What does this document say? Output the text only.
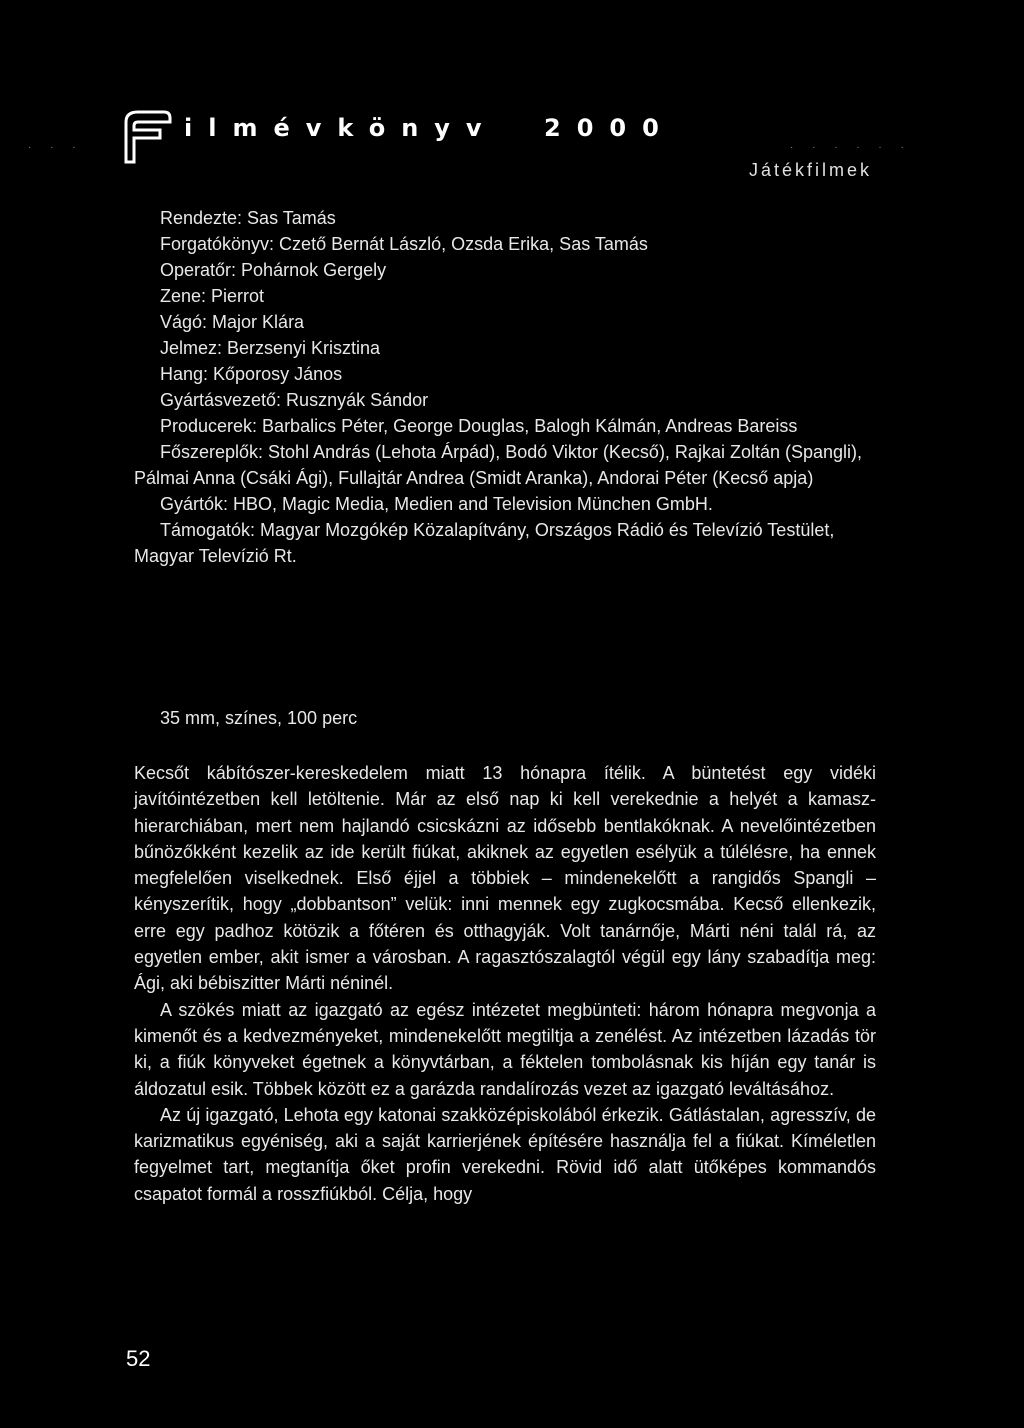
ilmévkönyv 2000
· · ·	· · · · · ·
Játékfilmek

Rendezte: Sas Tamás

Forgatókönyv: Czető Bernát László, Ozsda Erika, Sas Tamás

Operatőr: Pohárnok Gergely

Zene: Pierrot

Vágó: Major Klára

Jelmez: Berzsenyi Krisztina

Hang: Kőporosy János

Gyártásvezető: Rusznyák Sándor

Producerek: Barbalics Péter, George Douglas, Balogh Kálmán, Andreas Bareiss

Főszereplők: Stohl András (Lehota Árpád), Bodó Viktor (Kecső), Rajkai Zoltán (Spangli), Pálmai Anna (Csáki Ági), Fullajtár Andrea (Smidt Aranka), Andorai Péter (Kecső apja)

Gyártók: HBO, Magic Media, Medien and Television München GmbH.

Támogatók: Magyar Mozgókép Közalapítvány, Országos Rádió és Televízió Testület, Magyar Televízió Rt.

35 mm, színes, 100 perc

Kecsőt kábítószer-kereskedelem miatt 13 hónapra ítélik. A büntetést egy vidéki javítóintézetben kell letöltenie. Már az első nap ki kell verekednie a helyét a kamasz-hierarchiában, mert nem hajlandó csicskázni az idősebb bentlakóknak. A nevelőintézetben bűnözőkként kezelik az ide került fiúkat, akiknek az egyetlen esélyük a túlélésre, ha ennek megfelelően viselkednek. Első éjjel a többiek – mindenekelőtt a rangidős Spangli – kényszerítik, hogy „dobbantson” velük: inni mennek egy zugkocsmába. Kecső ellenkezik, erre egy padhoz kötözik a főtéren és otthagyják. Volt tanárnője, Márti néni talál rá, az egyetlen ember, akit ismer a városban. A ragasztószalagtól végül egy lány szabadítja meg: Ági, aki bébiszitter Márti néninél.

A szökés miatt az igazgató az egész intézetet megbünteti: három hónapra megvonja a kimenőt és a kedvezményeket, mindenekelőtt megtiltja a zenélést. Az intézetben lázadás tör ki, a fiúk könyveket égetnek a könyvtárban, a féktelen tombolásnak kis híján egy tanár is áldozatul esik. Többek között ez a garázda randalírozás vezet az igazgató leváltásához.

Az új igazgató, Lehota egy katonai szakközépiskolából érkezik. Gátlástalan, agresszív, de karizmatikus egyéniség, aki a saját karrierjének építésére használja fel a fiúkat. Kíméletlen fegyelmet tart, megtanítja őket profin verekedni. Rövid idő alatt ütőképes kommandós csapatot formál a rosszfiúkból. Célja, hogy

52
